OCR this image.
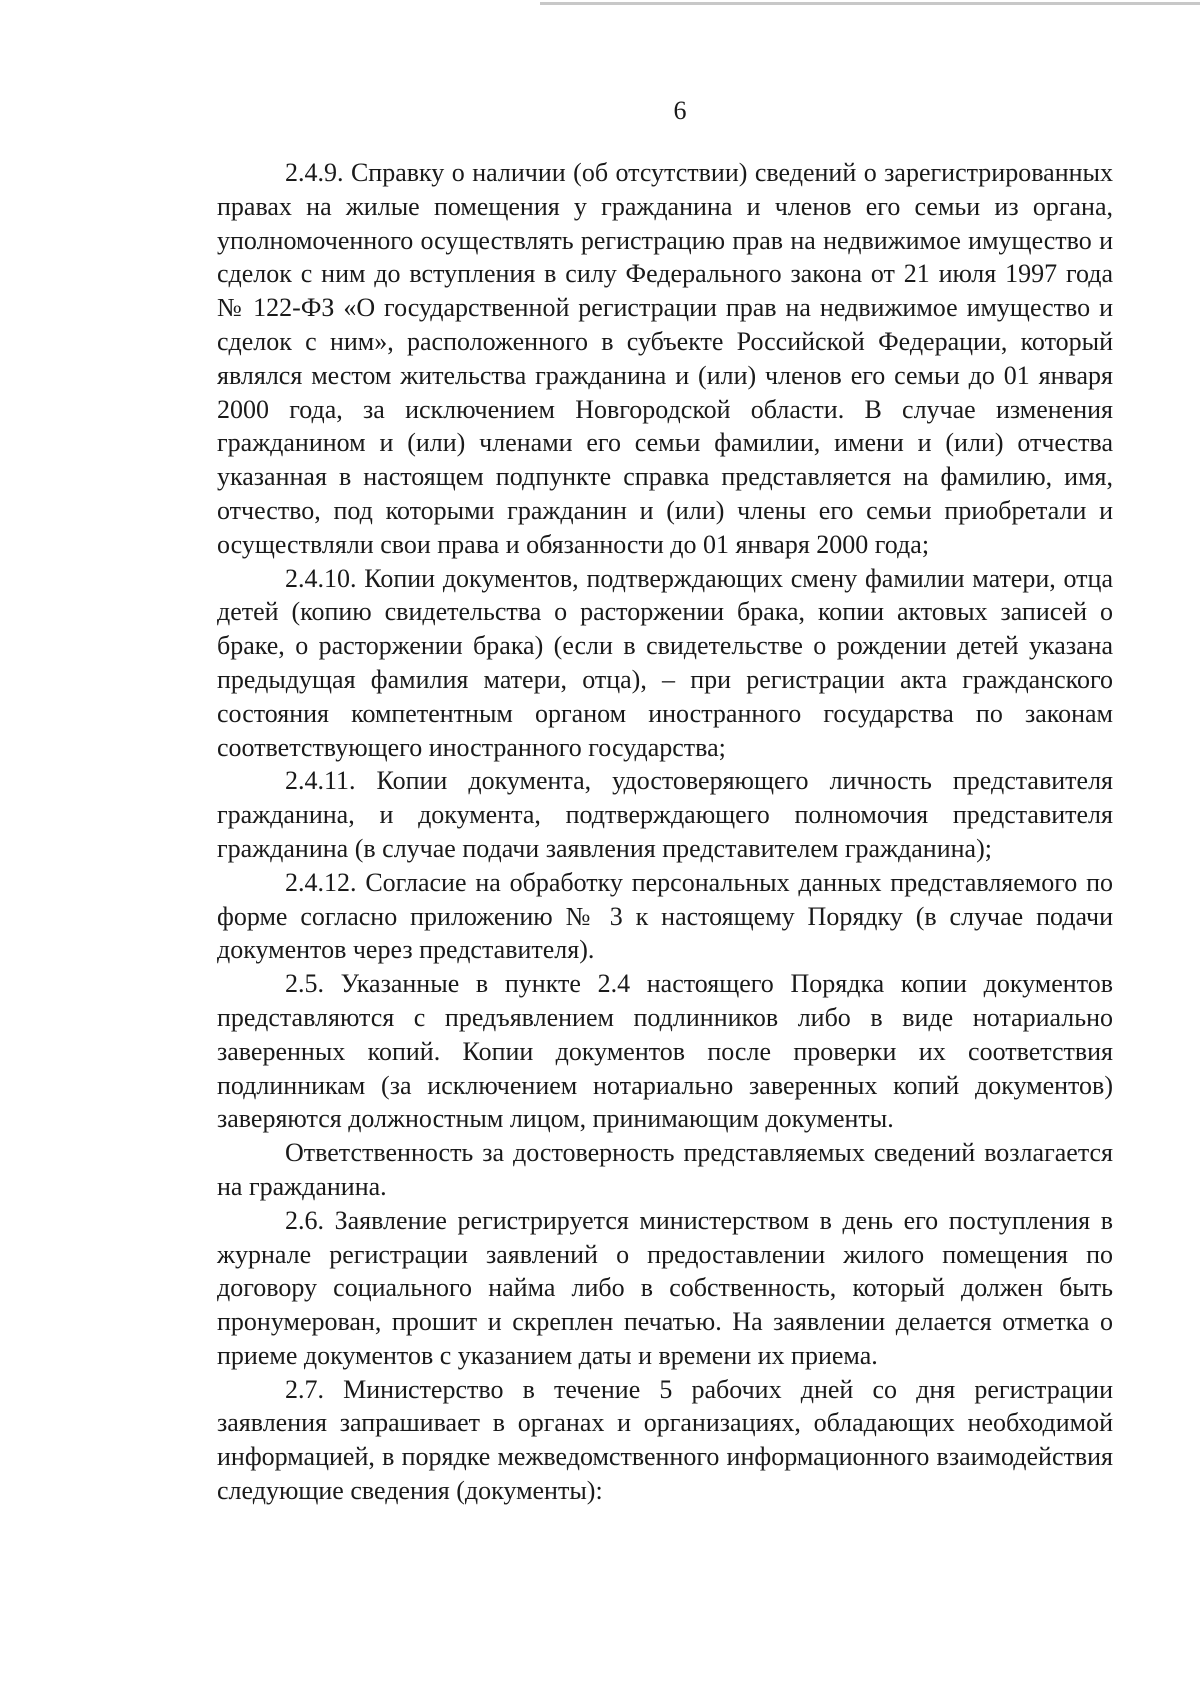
6

2.4.9. Справку о наличии (об отсутствии) сведений о зарегистрированных правах на жилые помещения у гражданина и членов его семьи из органа, уполномоченного осуществлять регистрацию прав на недвижимое имущество и сделок с ним до вступления в силу Федерального закона от 21 июля 1997 года № 122-ФЗ «О государственной регистрации прав на недвижимое имущество и сделок с ним», расположенного в субъекте Российской Федерации, который являлся местом жительства гражданина и (или) членов его семьи до 01 января 2000 года, за исключением Новгородской области. В случае изменения гражданином и (или) членами его семьи фамилии, имени и (или) отчества указанная в настоящем подпункте справка представляется на фамилию, имя, отчество, под которыми гражданин и (или) члены его семьи приобретали и осуществляли свои права и обязанности до 01 января 2000 года;

2.4.10. Копии документов, подтверждающих смену фамилии матери, отца детей (копию свидетельства о расторжении брака, копии актовых записей о браке, о расторжении брака) (если в свидетельстве о рождении детей указана предыдущая фамилия матери, отца), – при регистрации акта гражданского состояния компетентным органом иностранного государства по законам соответствующего иностранного государства;

2.4.11. Копии документа, удостоверяющего личность представителя гражданина, и документа, подтверждающего полномочия представителя гражданина (в случае подачи заявления представителем гражданина);

2.4.12. Согласие на обработку персональных данных представляемого по форме согласно приложению № 3 к настоящему Порядку (в случае подачи документов через представителя).

2.5. Указанные в пункте 2.4 настоящего Порядка копии документов представляются с предъявлением подлинников либо в виде нотариально заверенных копий. Копии документов после проверки их соответствия подлинникам (за исключением нотариально заверенных копий документов) заверяются должностным лицом, принимающим документы.

Ответственность за достоверность представляемых сведений возлагается на гражданина.

2.6. Заявление регистрируется министерством в день его поступления в журнале регистрации заявлений о предоставлении жилого помещения по договору социального найма либо в собственность, который должен быть пронумерован, прошит и скреплен печатью. На заявлении делается отметка о приеме документов с указанием даты и времени их приема.

2.7. Министерство в течение 5 рабочих дней со дня регистрации заявления запрашивает в органах и организациях, обладающих необходимой информацией, в порядке межведомственного информационного взаимодействия следующие сведения (документы):
